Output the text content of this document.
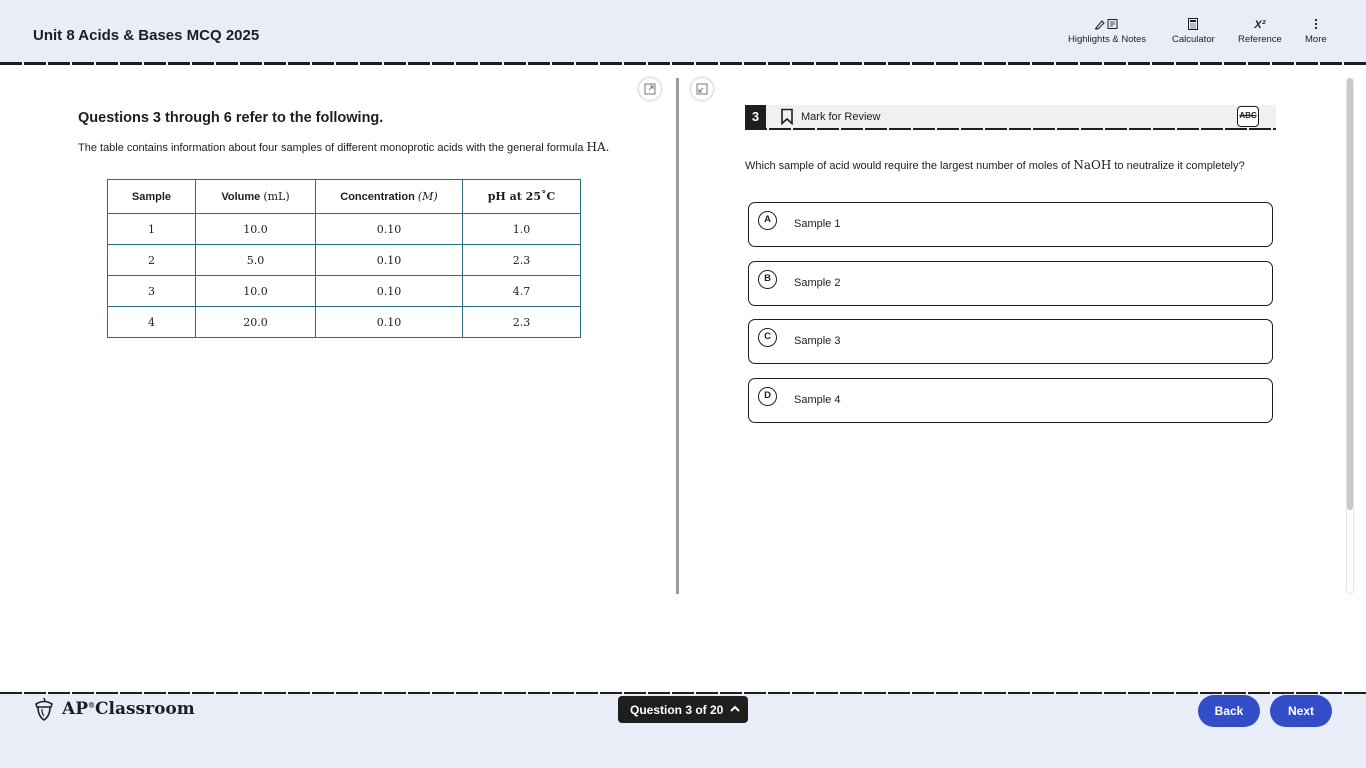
Unit 8 Acids & Bases MCQ 2025	Highlights & Notes	Calculator
X²
Reference More
Questions 3 through 6 refer to the following.
The table contains information about four samples of different monoprotic acids with the general formula HA.
Sample	Volume (mL)	Concentration (M)	pH at 25˚C
1	10.0	0.10	1.0
2	5.0	0.10	2.3
3	10.0	0.10	4.7
4	20.0	0.10	2.3
3	Mark for Review	ABC
Which sample of acid would require the largest number of moles of NaOH to neutralize it completely?
A	Sample 1
B	Sample 2
C	Sample 3
D	Sample 4
AP®Classroom	Question 3 of 20	Back	Next
